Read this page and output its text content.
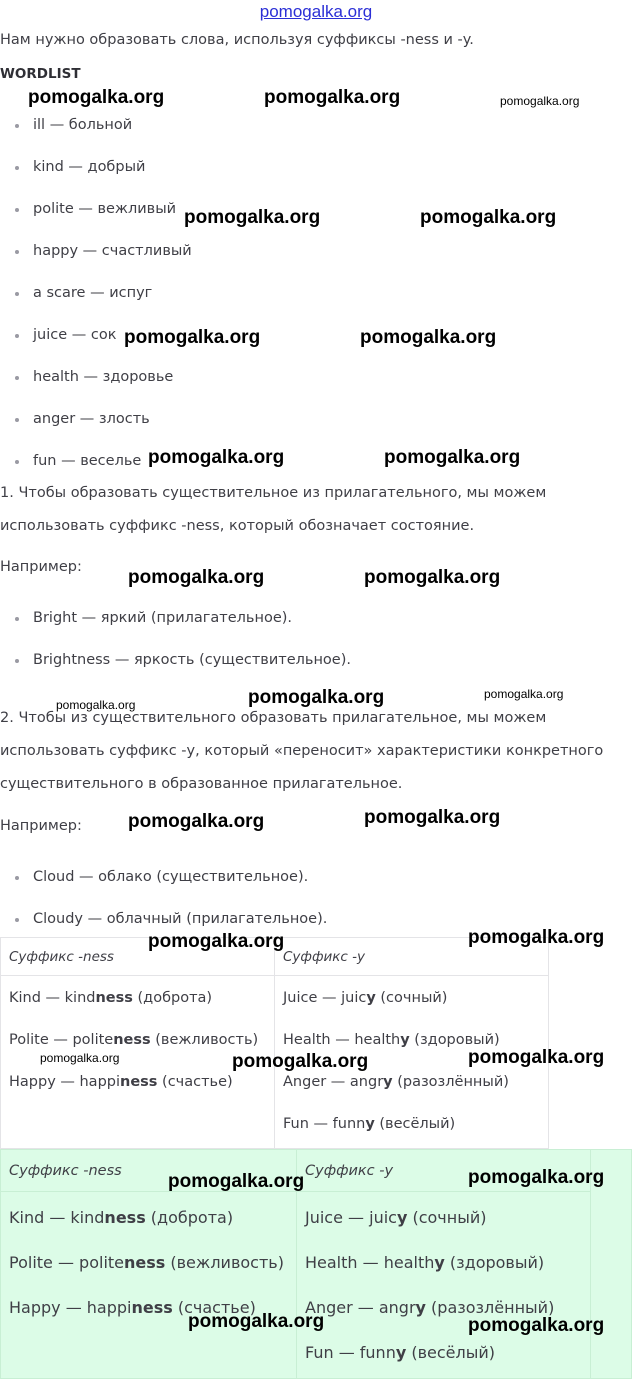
pomogalka.org
Нам нужно образовать слова, используя суффиксы -ness и -y.
WORDLIST
ill — больной
kind — добрый
polite — вежливый
happy — счастливый
a scare — испуг
juice — сок
health — здоровье
anger — злость
fun — веселье
1. Чтобы образовать существительное из прилагательного, мы можем
использовать суффикс -ness, который обозначает состояние.
Например:
Bright — яркий (прилагательное).
Brightness — яркость (существительное).
2. Чтобы из существительного образовать прилагательное, мы можем
использовать суффикс -y, который «переносит» характеристики конкретного
существительного в образованное прилагательное.
Например:
Cloud — облако (существительное).
Cloudy — облачный (прилагательное).
Суффикс -ness
Kind — kindness (доброта)
Polite — politeness (вежливость)
Happy — happiness (счастье)
Суффикс -y
Juice — juicy (сочный)
Health — healthy (здоровый)
Anger — angry (разозлённый)
Fun — funny (весёлый)
Суффикс -ness
Kind — kindness (доброта)
Polite — politeness (вежливость)
Happy — happiness (счастье)
Суффикс -y
Juice — juicy (сочный)
Health — healthy (здоровый)
Anger — angry (разозлённый)
Fun — funny (весёлый)
pomogalka.org	pomogalka.org	pomogalka.org
pomogalka.org	pomogalka.org
pomogalka.org	pomogalka.org
pomogalka.org	pomogalka.org
pomogalka.org	pomogalka.org
pomogalka.org	pomogalka.org	pomogalka.org
pomogalka.org	pomogalka.org
pomogalka.org	pomogalka.org
pomogalka.org	pomogalka.org	pomogalka.org
pomogalka.org	pomogalka.org
pomogalka.org	pomogalka.org
